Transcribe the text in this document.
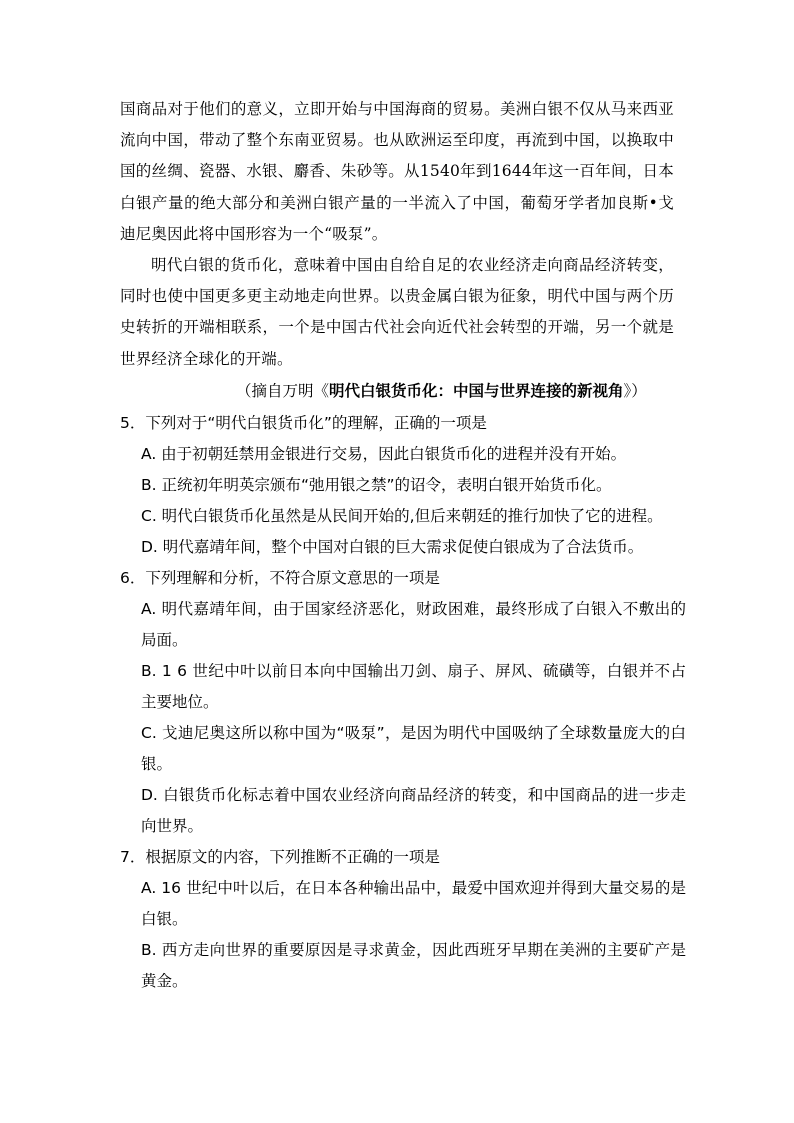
国商品对于他们的意义，立即开始与中国海商的贸易。美洲白银不仅从马来西亚流向中国，带动了整个东南亚贸易。也从欧洲运至印度，再流到中国，以换取中国的丝绸、瓷器、水银、麝香、朱砂等。从1540年到1644年这一百年间，日本白银产量的绝大部分和美洲白银产量的一半流入了中国，葡萄牙学者加良斯•戈迪尼奥因此将中国形容为一个“吸泵”。

明代白银的货币化，意味着中国由自给自足的农业经济走向商品经济转变，同时也使中国更多更主动地走向世界。以贵金属白银为征象，明代中国与两个历史转折的开端相联系，一个是中国古代社会向近代社会转型的开端，另一个就是世界经济全球化的开端。

（摘自万明《明代白银货币化：中国与世界连接的新视角》）

5．下列对于“明代白银货币化”的理解，正确的一项是

A. 由于初朝廷禁用金银进行交易，因此白银货币化的进程并没有开始。

B. 正统初年明英宗颁布“弛用银之禁”的诏令，表明白银开始货币化。

C. 明代白银货币化虽然是从民间开始的,但后来朝廷的推行加快了它的进程。

D. 明代嘉靖年间，整个中国对白银的巨大需求促使白银成为了合法货币。

6．下列理解和分析，不符合原文意思的一项是

A. 明代嘉靖年间，由于国家经济恶化，财政困难，最终形成了白银入不敷出的局面。

B. 1 6 世纪中叶以前日本向中国输出刀剑、扇子、屏风、硫磺等，白银并不占主要地位。

C. 戈迪尼奥这所以称中国为“吸泵”，是因为明代中国吸纳了全球数量庞大的白银。

D. 白银货币化标志着中国农业经济向商品经济的转变，和中国商品的进一步走向世界。

7．根据原文的内容，下列推断不正确的一项是

A. 16 世纪中叶以后，在日本各种输出品中，最爱中国欢迎并得到大量交易的是白银。

B. 西方走向世界的重要原因是寻求黄金，因此西班牙早期在美洲的主要矿产是黄金。
